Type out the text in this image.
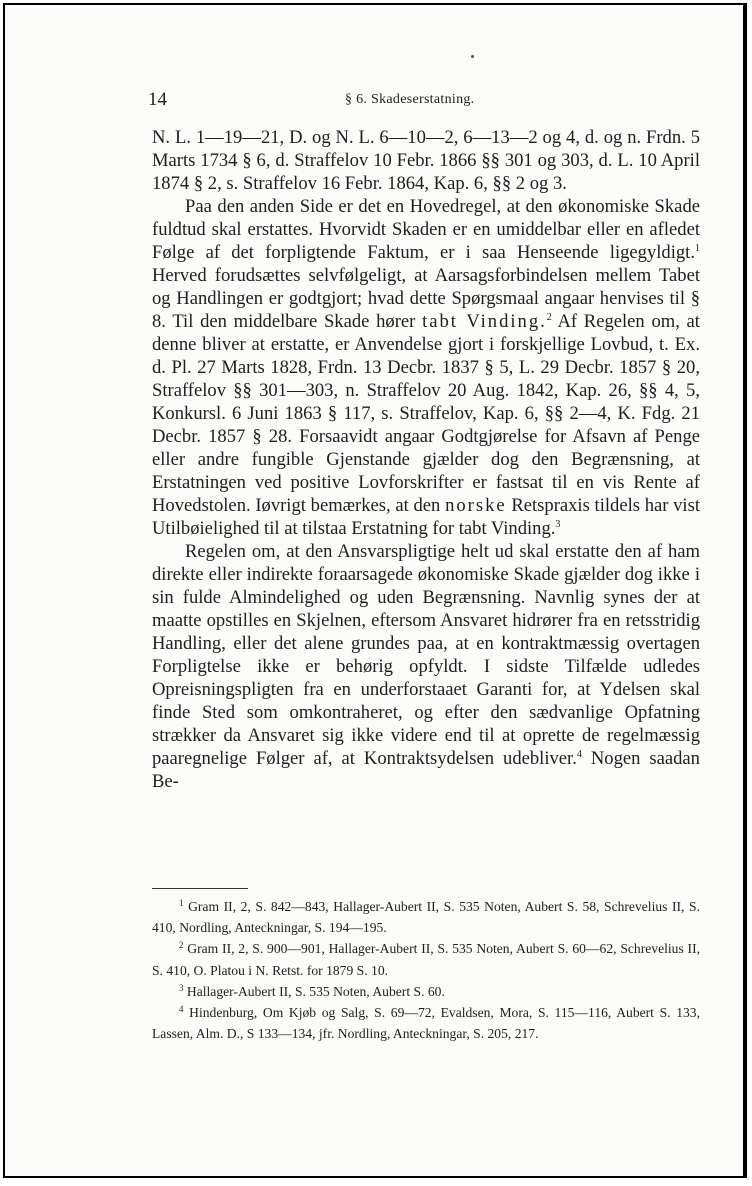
14	§ 6. Skadeserstatning.

N. L. 1—19—21, D. og N. L. 6—10—2, 6—13—2 og 4, d. og n. Frdn. 5 Marts 1734 § 6, d. Straffelov 10 Febr. 1866 §§ 301 og 303, d. L. 10 April 1874 § 2, s. Straffelov 16 Febr. 1864, Kap. 6, §§ 2 og 3.

Paa den anden Side er det en Hovedregel, at den økonomiske Skade fuldtud skal erstattes. Hvorvidt Skaden er en umiddelbar eller en afledet Følge af det forpligtende Faktum, er i saa Henseende ligegyldigt.$^1$ Herved forudsættes selvfølgeligt, at Aarsagsforbindelsen mellem Tabet og Handlingen er godtgjort; hvad dette Spørgsmaal angaar henvises til § 8. Til den middelbare Skade hører tabt Vinding.$^2$ Af Regelen om, at denne bliver at erstatte, er Anvendelse gjort i forskjellige Lovbud, t. Ex. d. Pl. 27 Marts 1828, Frdn. 13 Decbr. 1837 § 5, L. 29 Decbr. 1857 § 20, Straffelov §§ 301—303, n. Straffelov 20 Aug. 1842, Kap. 26, §§ 4, 5, Konkursl. 6 Juni 1863 § 117, s. Straffelov, Kap. 6, §§ 2—4, K. Fdg. 21 Decbr. 1857 § 28. Forsaavidt angaar Godtgjørelse for Afsavn af Penge eller andre fungible Gjenstande gjælder dog den Begrænsning, at Erstatningen ved positive Lovforskrifter er fastsat til en vis Rente af Hovedstolen. Iøvrigt bemærkes, at den norske Retspraxis tildels har vist Utilbøielighed til at tilstaa Erstatning for tabt Vinding.$^3$

Regelen om, at den Ansvarspligtige helt ud skal erstatte den af ham direkte eller indirekte foraarsagede økonomiske Skade gjælder dog ikke i sin fulde Almindelighed og uden Begrænsning. Navnlig synes der at maatte opstilles en Skjelnen, eftersom Ansvaret hidrører fra en retsstridig Handling, eller det alene grundes paa, at en kontraktmæssig overtagen Forpligtelse ikke er behørig opfyldt. I sidste Tilfælde udledes Opreisningspligten fra en underforstaaet Garanti for, at Ydelsen skal finde Sted som omkontraheret, og efter den sædvanlige Opfatning strækker da Ansvaret sig ikke videre end til at oprette de regelmæssig paaregnelige Følger af, at Kontraktsydelsen udebliver.$^4$ Nogen saadan Be-

$^1$ Gram II, 2, S. 842—843, Hallager-Aubert II, S. 535 Noten, Aubert S. 58, Schrevelius II, S. 410, Nordling, Anteckningar, S. 194—195.

$^2$ Gram II, 2, S. 900—901, Hallager-Aubert II, S. 535 Noten, Aubert S. 60—62, Schrevelius II, S. 410, O. Platou i N. Retst. for 1879 S. 10.

$^3$ Hallager-Aubert II, S. 535 Noten, Aubert S. 60.

$^4$ Hindenburg, Om Kjøb og Salg, S. 69—72, Evaldsen, Mora, S. 115—116, Aubert S. 133, Lassen, Alm. D., S 133—134, jfr. Nordling, Anteckningar, S. 205, 217.
